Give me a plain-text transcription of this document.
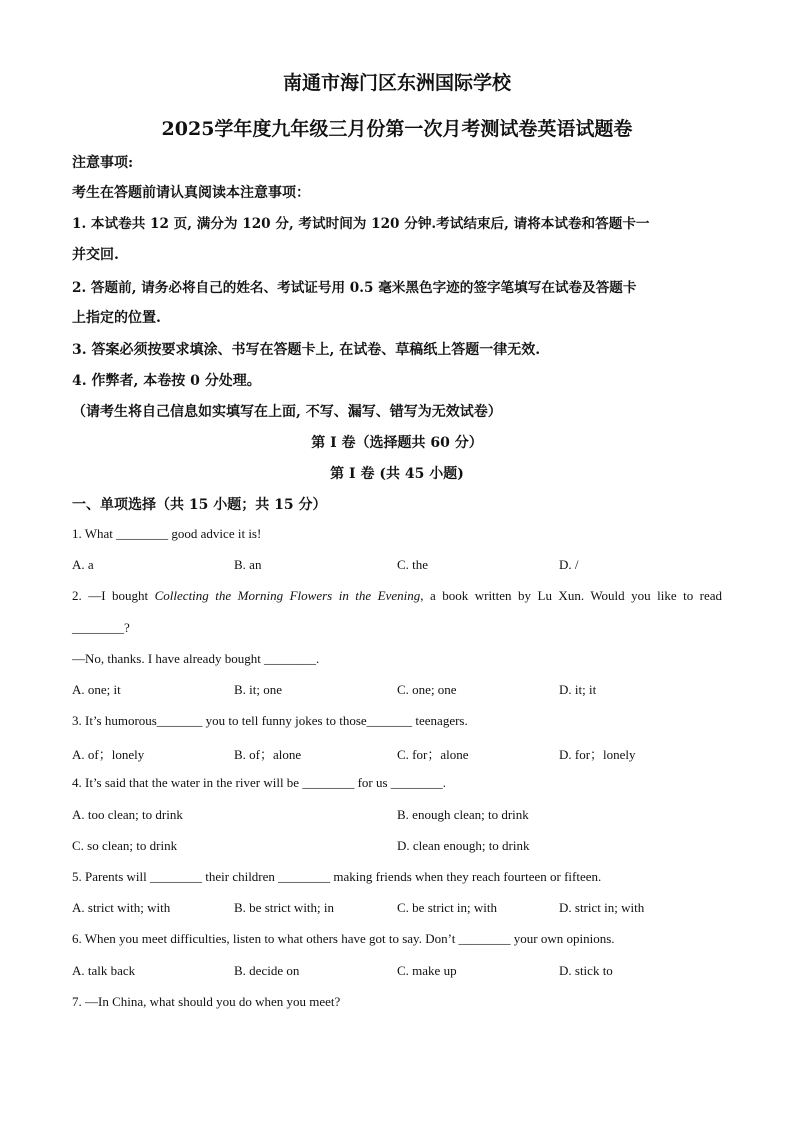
南通市海门区东洲国际学校
2025学年度九年级三月份第一次月考测试卷英语试题卷
注意事项:
考生在答题前请认真阅读本注意事项：
1. 本试卷共 12 页, 满分为 120 分, 考试时间为 120 分钟.考试结束后, 请将本试卷和答题卡一
并交回.
2. 答题前, 请务必将自己的姓名、考试证号用 0.5 毫米黑色字迹的签字笔填写在试卷及答题卡
上指定的位置.
3. 答案必须按要求填涂、书写在答题卡上, 在试卷、草稿纸上答题一律无效.
4. 作弊者, 本卷按 0 分处理。
（请考生将自己信息如实填写在上面, 不写、漏写、错写为无效试卷）
第 I 卷（选择题共 60 分）
第 I 卷 (共 45 小题)
一、单项选择（共 15 小题；共 15 分）
1. What ________ good advice it is!
A. a	B. an	C. the	D. /
2. —I bought Collecting the Morning Flowers in the Evening, a book written by Lu Xun. Would you like to read
________?
—No, thanks. I have already bought ________.
A. one; it	B. it; one	C. one; one	D. it; it
3. It’s humorous_______ you to tell funny jokes to those_______ teenagers.
A. of；lonely	B. of；alone	C. for；alone	D. for；lonely
4. It’s said that the water in the river will be ________ for us ________.
A. too clean; to drink	B. enough clean; to drink
C. so clean; to drink	D. clean enough; to drink
5. Parents will ________ their children ________ making friends when they reach fourteen or fifteen.
A. strict with; with	B. be strict with; in	C. be strict in; with	D. strict in; with
6. When you meet difficulties, listen to what others have got to say. Don’t ________ your own opinions.
A. talk back	B. decide on	C. make up	D. stick to
7. —In China, what should you do when you meet?
